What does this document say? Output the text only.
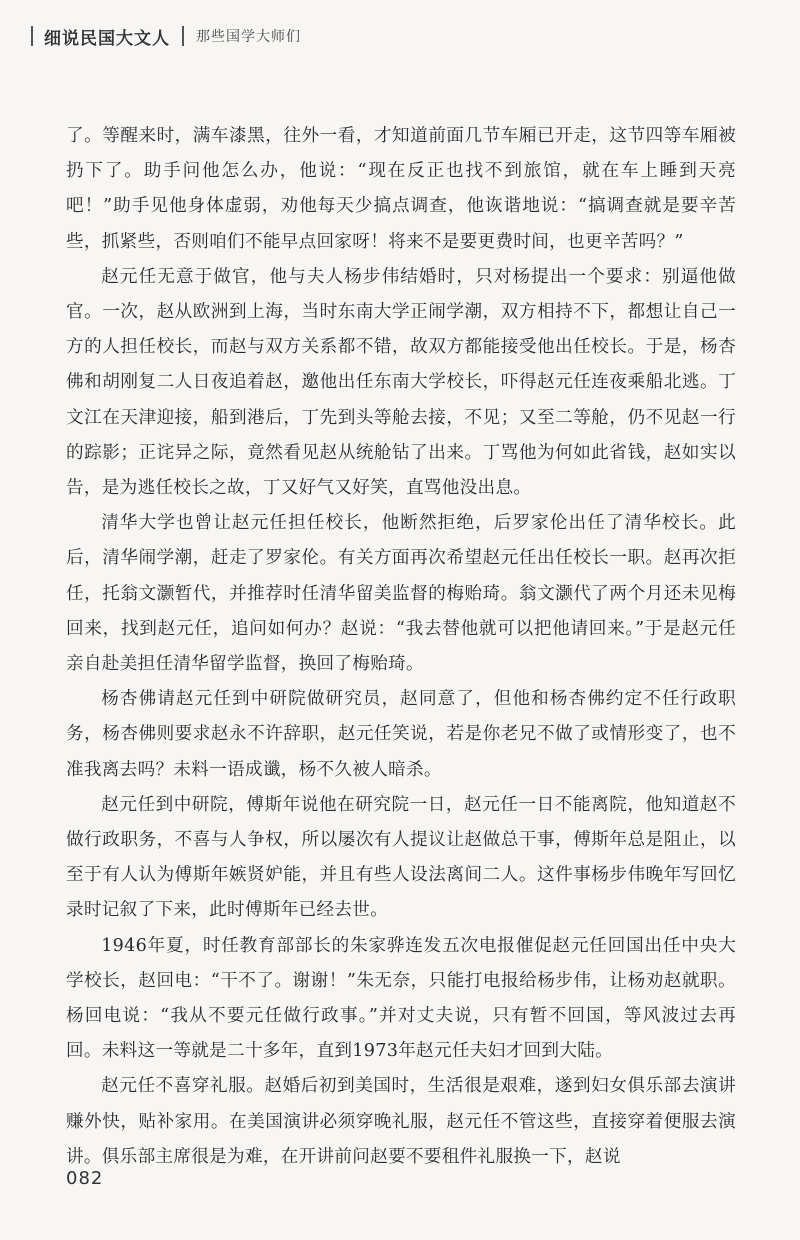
细说民国大文人 那些国学大师们

了。等醒来时，满车漆黑，往外一看，才知道前面几节车厢已开走，这节四等车厢被扔下了。助手问他怎么办，他说：“现在反正也找不到旅馆，就在车上睡到天亮吧！”助手见他身体虚弱，劝他每天少搞点调查，他诙谐地说：“搞调查就是要辛苦些，抓紧些，否则咱们不能早点回家呀！将来不是要更费时间，也更辛苦吗？”

赵元任无意于做官，他与夫人杨步伟结婚时，只对杨提出一个要求：别逼他做官。一次，赵从欧洲到上海，当时东南大学正闹学潮，双方相持不下，都想让自己一方的人担任校长，而赵与双方关系都不错，故双方都能接受他出任校长。于是，杨杏佛和胡刚复二人日夜追着赵，邀他出任东南大学校长，吓得赵元任连夜乘船北逃。丁文江在天津迎接，船到港后，丁先到头等舱去接，不见；又至二等舱，仍不见赵一行的踪影；正诧异之际，竟然看见赵从统舱钻了出来。丁骂他为何如此省钱，赵如实以告，是为逃任校长之故，丁又好气又好笑，直骂他没出息。

清华大学也曾让赵元任担任校长，他断然拒绝，后罗家伦出任了清华校长。此后，清华闹学潮，赶走了罗家伦。有关方面再次希望赵元任出任校长一职。赵再次拒任，托翁文灏暂代，并推荐时任清华留美监督的梅贻琦。翁文灏代了两个月还未见梅回来，找到赵元任，追问如何办？赵说：“我去替他就可以把他请回来。”于是赵元任亲自赴美担任清华留学监督，换回了梅贻琦。

杨杏佛请赵元任到中研院做研究员，赵同意了，但他和杨杏佛约定不任行政职务，杨杏佛则要求赵永不许辞职，赵元任笑说，若是你老兄不做了或情形变了，也不准我离去吗？未料一语成谶，杨不久被人暗杀。

赵元任到中研院，傅斯年说他在研究院一日，赵元任一日不能离院，他知道赵不做行政职务，不喜与人争权，所以屡次有人提议让赵做总干事，傅斯年总是阻止，以至于有人认为傅斯年嫉贤妒能，并且有些人设法离间二人。这件事杨步伟晚年写回忆录时记叙了下来，此时傅斯年已经去世。

1946年夏，时任教育部部长的朱家骅连发五次电报催促赵元任回国出任中央大学校长，赵回电：“干不了。谢谢！”朱无奈，只能打电报给杨步伟，让杨劝赵就职。杨回电说：“我从不要元任做行政事。”并对丈夫说，只有暂不回国，等风波过去再回。未料这一等就是二十多年，直到1973年赵元任夫妇才回到大陆。

赵元任不喜穿礼服。赵婚后初到美国时，生活很是艰难，遂到妇女俱乐部去演讲赚外快，贴补家用。在美国演讲必须穿晚礼服，赵元任不管这些，直接穿着便服去演讲。俱乐部主席很是为难，在开讲前问赵要不要租件礼服换一下，赵说

082
